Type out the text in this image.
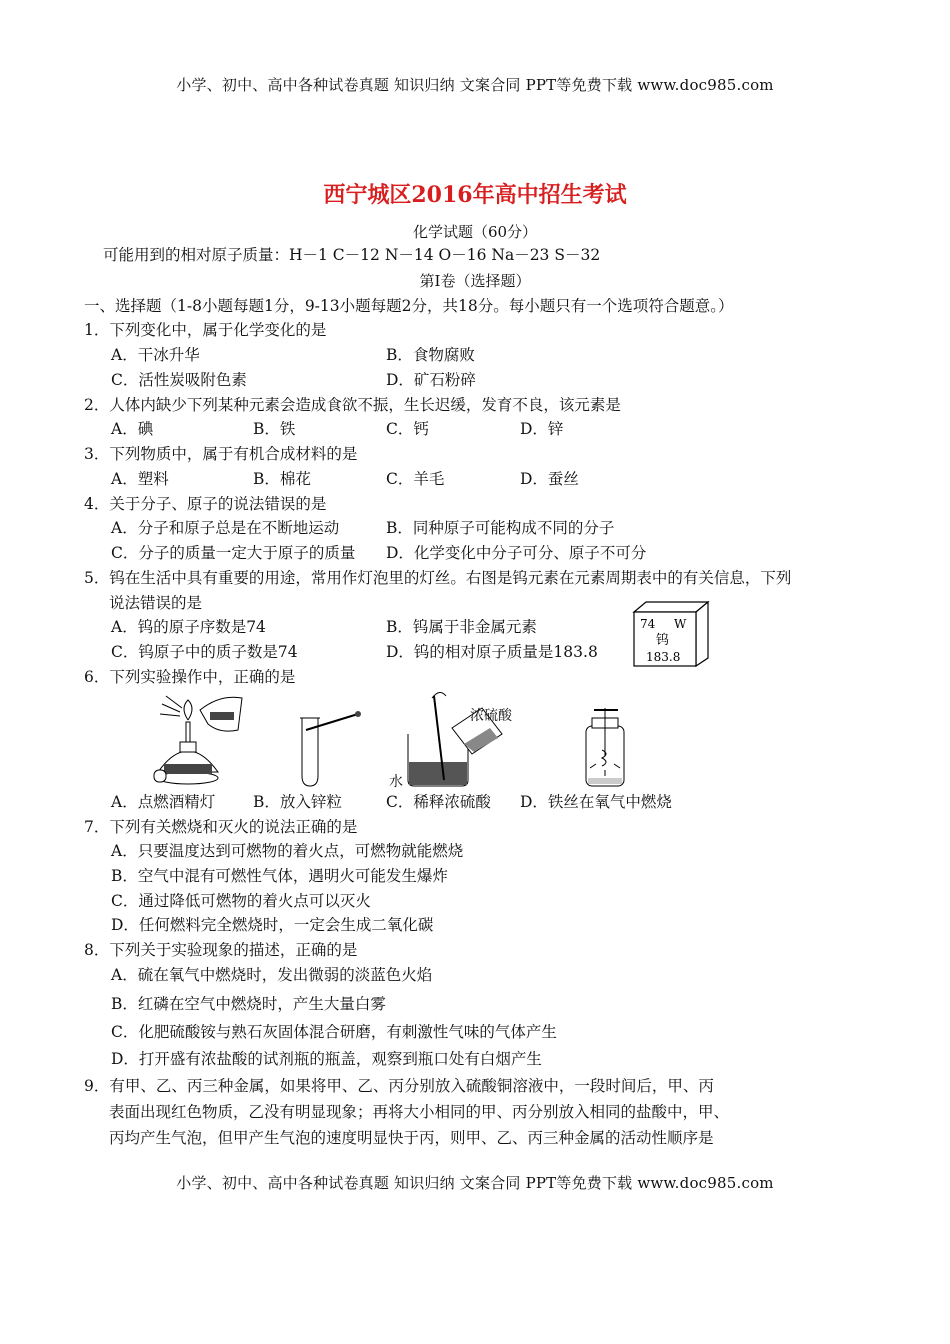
小学、初中、高中各种试卷真题 知识归纳 文案合同 PPT等免费下载 www.doc985.com
西宁城区2016年高中招生考试
化学试题（60分）
可能用到的相对原子质量：H－1 C－12 N－14 O－16 Na－23 S－32
第Ⅰ卷（选择题）
一、选择题（1-8小题每题1分，9-13小题每题2分，共18分。每小题只有一个选项符合题意。）
1．下列变化中，属于化学变化的是
A．干冰升华	B．食物腐败
C．活性炭吸附色素	D．矿石粉碎
2．人体内缺少下列某种元素会造成食欲不振，生长迟缓，发育不良，该元素是
A．碘	B．铁	C．钙	D．锌
3．下列物质中，属于有机合成材料的是
A．塑料	B．棉花	C．羊毛	D．蚕丝
4．关于分子、原子的说法错误的是
A．分子和原子总是在不断地运动	B．同种原子可能构成不同的分子
C．分子的质量一定大于原子的质量 D．化学变化中分子可分、原子不可分
5．钨在生活中具有重要的用途，常用作灯泡里的灯丝。右图是钨元素在元素周期表中的有关信息，下列
说法错误的是
A．钨的原子序数是74	B．钨属于非金属元素
C．钨原子中的质子数是74	D．钨的相对原子质量是183.8
74 W
钨
183.8
6．下列实验操作中，正确的是
浓硫酸
水
A．点燃酒精灯 B．放入锌粒	C．稀释浓硫酸 D．铁丝在氧气中燃烧
7．下列有关燃烧和灭火的说法正确的是
A．只要温度达到可燃物的着火点，可燃物就能燃烧
B．空气中混有可燃性气体，遇明火可能发生爆炸
C．通过降低可燃物的着火点可以灭火
D．任何燃料完全燃烧时，一定会生成二氧化碳
8．下列关于实验现象的描述，正确的是
A．硫在氧气中燃烧时，发出微弱的淡蓝色火焰
B．红磷在空气中燃烧时，产生大量白雾
C．化肥硫酸铵与熟石灰固体混合研磨，有刺激性气味的气体产生
D．打开盛有浓盐酸的试剂瓶的瓶盖，观察到瓶口处有白烟产生
9．有甲、乙、丙三种金属，如果将甲、乙、丙分别放入硫酸铜溶液中，一段时间后，甲、丙
表面出现红色物质，乙没有明显现象；再将大小相同的甲、丙分别放入相同的盐酸中，甲、
丙均产生气泡，但甲产生气泡的速度明显快于丙，则甲、乙、丙三种金属的活动性顺序是
小学、初中、高中各种试卷真题 知识归纳 文案合同 PPT等免费下载 www.doc985.com
